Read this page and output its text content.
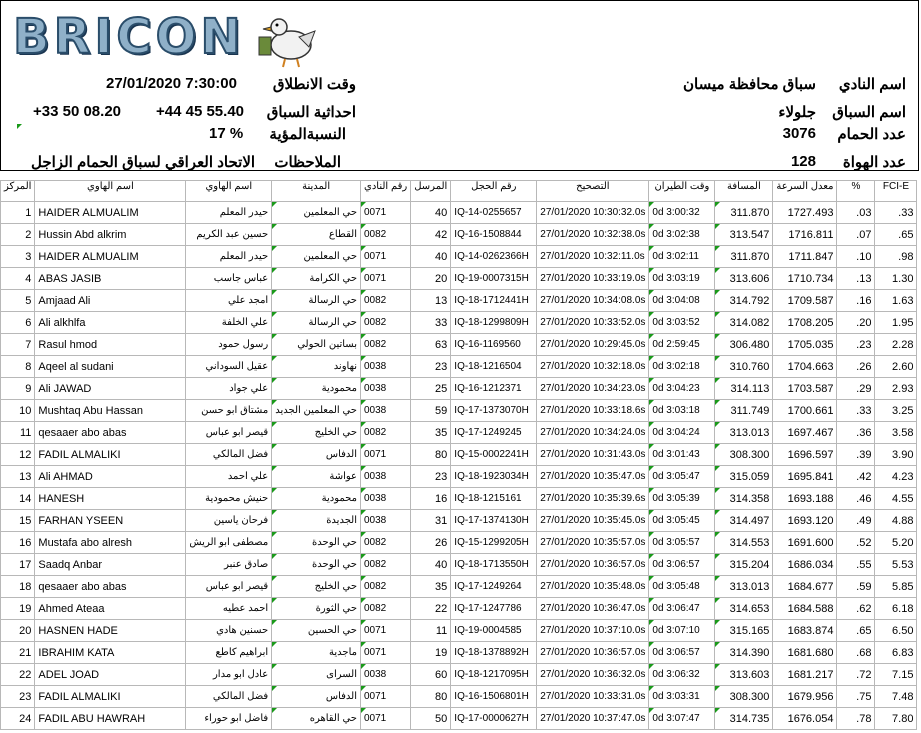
BRICON
27/01/2020 7:30:00	وقت الانطلاق
+33 50 08.20 +44 45 55.40	احداثية السباق
17 %	النسبةالمؤية
الاتحاد العراقي لسباق الحمام الزاجل	الملاحظات
سباق محافظة ميسان	اسم النادي
جلولاء	اسم السباق
3076	عدد الحمام
128	عدد الهواة
المركز	اسم الهاوي	اسم الهاوي	المدينة	رقم النادي	المرسل	رقم الحجل	التصحيح	وقت الطيران	المسافة	معدل السرعة	%	FCI-E
1	HAIDER ALMUALIM	حيدر المعلم	حي المعلمين	0071	40	IQ-14-0255657	27/01/2020 10:30:32.0s	0d 3:00:32	311.870	1727.493	.03	.33
2	Hussin Abd alkrim	حسين عبد الكريم	القطاع	0082	42	IQ-16-1508844	27/01/2020 10:32:38.0s	0d 3:02:38	313.547	1716.811	.07	.65
3	HAIDER ALMUALIM	حيدر المعلم	حي المعلمين	0071	40	IQ-14-0262366H	27/01/2020 10:32:11.0s	0d 3:02:11	311.870	1711.847	.10	.98
4	ABAS JASIB	عباس جاسب	حي الكرامة	0071	20	IQ-19-0007315H	27/01/2020 10:33:19.0s	0d 3:03:19	313.606	1710.734	.13	1.30
5	Amjaad Ali	امجد علي	حي الرسالة	0082	13	IQ-18-1712441H	27/01/2020 10:34:08.0s	0d 3:04:08	314.792	1709.587	.16	1.63
6	Ali alkhlfa	علي الخلفة	حي الرسالة	0082	33	IQ-18-1299809H	27/01/2020 10:33:52.0s	0d 3:03:52	314.082	1708.205	.20	1.95
7	Rasul hmod	رسول حمود	بساتين الحولي	0082	63	IQ-16-1169560	27/01/2020 10:29:45.0s	0d 2:59:45	306.480	1705.035	.23	2.28
8	Aqeel al sudani	عقيل السوداني	نهاوند	0038	23	IQ-18-1216504	27/01/2020 10:32:18.0s	0d 3:02:18	310.760	1704.663	.26	2.60
9	Ali JAWAD	علي جواد	محمودية	0038	25	IQ-16-1212371	27/01/2020 10:34:23.0s	0d 3:04:23	314.113	1703.587	.29	2.93
10	Mushtaq Abu Hassan	مشتاق ابو حسن	حي المعلمين الجديد	0038	59	IQ-17-1373070H	27/01/2020 10:33:18.6s	0d 3:03:18	311.749	1700.661	.33	3.25
11	qesaaer abo abas	قيصر ابو عباس	حي الخليج	0082	35	IQ-17-1249245	27/01/2020 10:34:24.0s	0d 3:04:24	313.013	1697.467	.36	3.58
12	FADIL ALMALIKI	فضل المالكي	الدفاس	0071	80	IQ-15-0002241H	27/01/2020 10:31:43.0s	0d 3:01:43	308.300	1696.597	.39	3.90
13	Ali AHMAD	علي احمد	عواشة	0038	23	IQ-18-1923034H	27/01/2020 10:35:47.0s	0d 3:05:47	315.059	1695.841	.42	4.23
14	HANESH	حنيش محمودية	محمودية	0038	16	IQ-18-1215161	27/01/2020 10:35:39.6s	0d 3:05:39	314.358	1693.188	.46	4.55
15	FARHAN YSEEN	فرحان ياسين	الجديدة	0038	31	IQ-17-1374130H	27/01/2020 10:35:45.0s	0d 3:05:45	314.497	1693.120	.49	4.88
16	Mustafa abo alresh	مصطفى ابو الريش	حي الوحدة	0082	26	IQ-15-1299205H	27/01/2020 10:35:57.0s	0d 3:05:57	314.553	1691.600	.52	5.20
17	Saadq Anbar	صادق عنبر	حي الوحدة	0082	40	IQ-18-1713550H	27/01/2020 10:36:57.0s	0d 3:06:57	315.204	1686.034	.55	5.53
18	qesaaer abo abas	قيصر ابو عباس	حي الخليج	0082	35	IQ-17-1249264	27/01/2020 10:35:48.0s	0d 3:05:48	313.013	1684.677	.59	5.85
19	Ahmed Ateaa	احمد عطيه	حي الثورة	0082	22	IQ-17-1247786	27/01/2020 10:36:47.0s	0d 3:06:47	314.653	1684.588	.62	6.18
20	HASNEN HADE	حسنين هادي	حي الحسين	0071	11	IQ-19-0004585	27/01/2020 10:37:10.0s	0d 3:07:10	315.165	1683.874	.65	6.50
21	IBRAHIM KATA	ابراهيم كاطع	ماجدية	0071	19	IQ-18-1378892H	27/01/2020 10:36:57.0s	0d 3:06:57	314.390	1681.680	.68	6.83
22	ADEL JOAD	عادل ابو مدار	السراى	0038	60	IQ-18-1217095H	27/01/2020 10:36:32.0s	0d 3:06:32	313.603	1681.217	.72	7.15
23	FADIL ALMALIKI	فضل المالكي	الدفاس	0071	80	IQ-16-1506801H	27/01/2020 10:33:31.0s	0d 3:03:31	308.300	1679.956	.75	7.48
24	FADIL ABU HAWRAH	فاضل ابو حوراء	حي القاهره	0071	50	IQ-17-0000627H	27/01/2020 10:37:47.0s	0d 3:07:47	314.735	1676.054	.78	7.80
